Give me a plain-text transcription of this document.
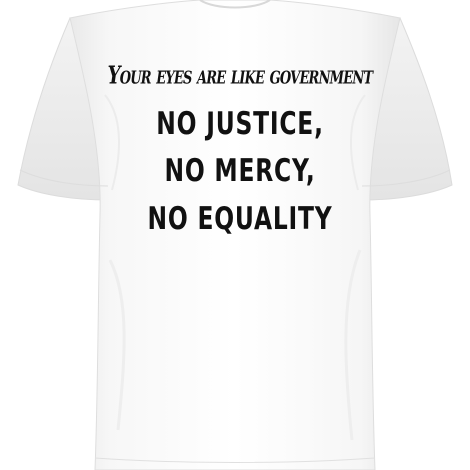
Your eyes are like government
NO JUSTICE,
NO MERCY,
NO EQUALITY
